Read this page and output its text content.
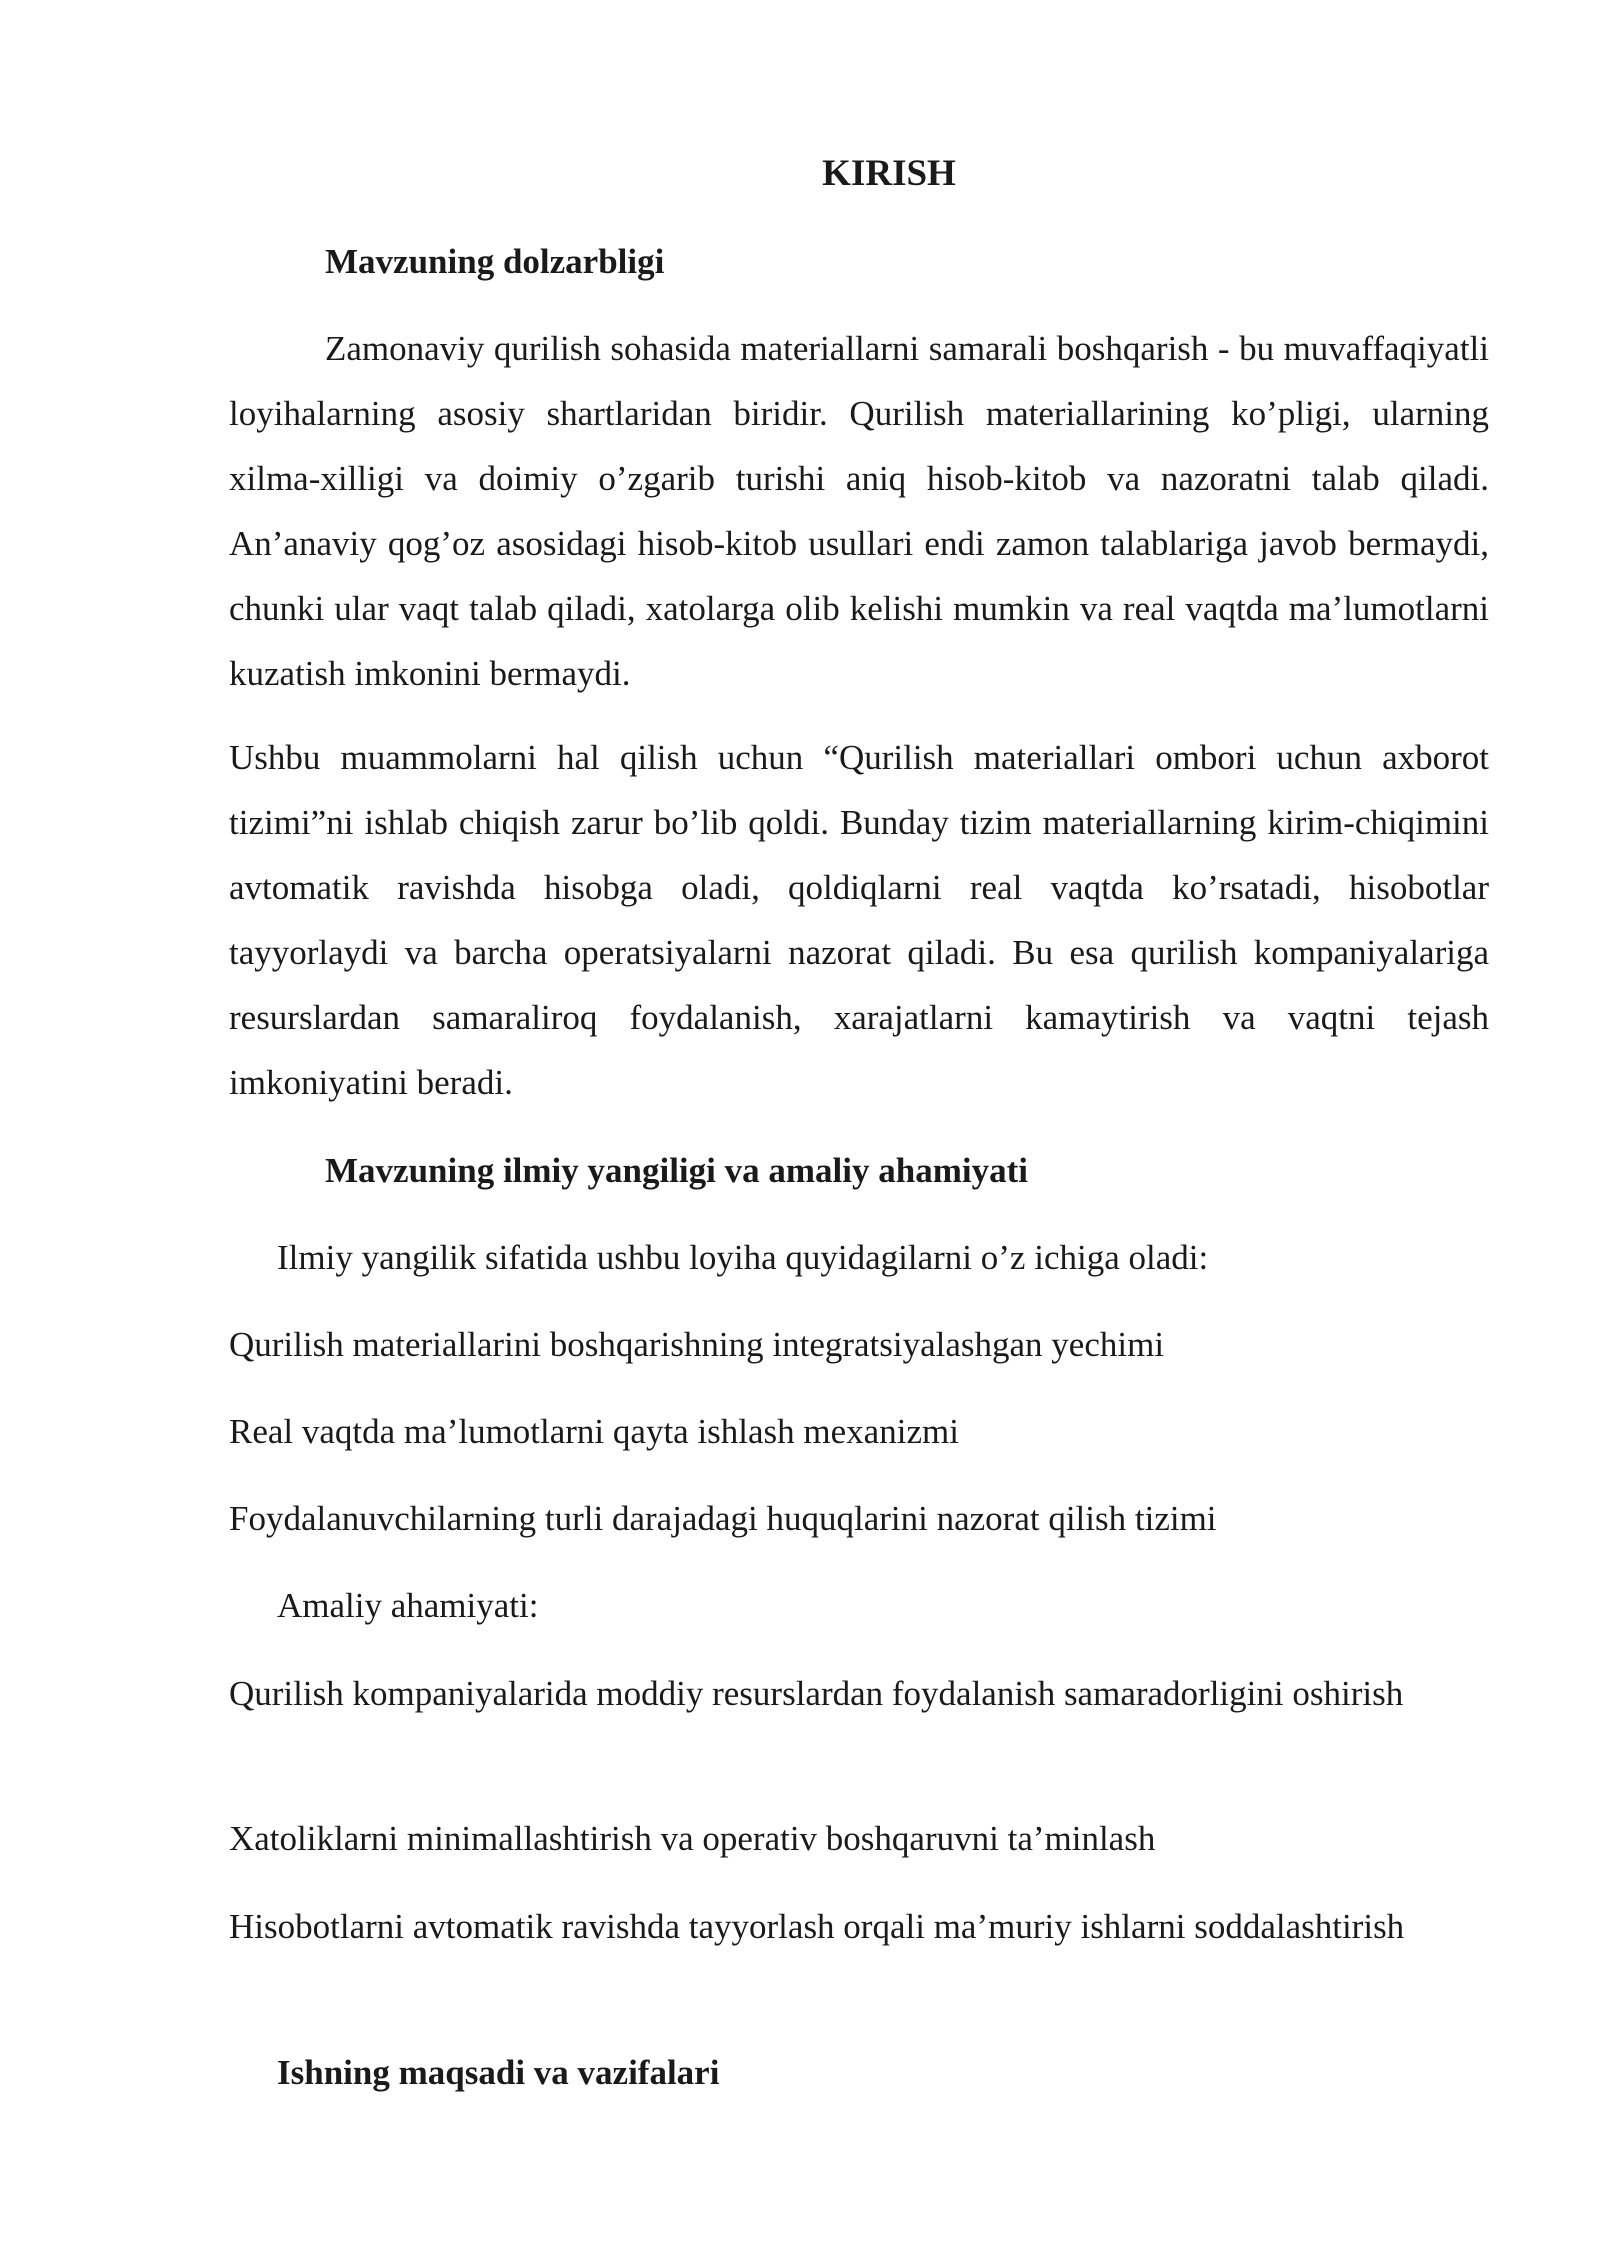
KIRISH
Mavzuning dolzarbligi

Zamonaviy qurilish sohasida materiallarni samarali boshqarish - bu muvaffaqiyatli loyihalarning asosiy shartlaridan biridir. Qurilish materiallarining ko’pligi, ularning xilma-xilligi va doimiy o’zgarib turishi aniq hisob-kitob va nazoratni talab qiladi. An’anaviy qog’oz asosidagi hisob-kitob usullari endi zamon talablariga javob bermaydi, chunki ular vaqt talab qiladi, xatolarga olib kelishi mumkin va real vaqtda ma’lumotlarni kuzatish imkonini bermaydi.

Ushbu muammolarni hal qilish uchun “Qurilish materiallari ombori uchun axborot tizimi”ni ishlab chiqish zarur bo’lib qoldi. Bunday tizim materiallarning kirim-chiqimini avtomatik ravishda hisobga oladi, qoldiqlarni real vaqtda ko’rsatadi, hisobotlar tayyorlaydi va barcha operatsiyalarni nazorat qiladi. Bu esa qurilish kompaniyalariga resurslardan samaraliroq foydalanish, xarajatlarni kamaytirish va vaqtni tejash imkoniyatini beradi.

Mavzuning ilmiy yangiligi va amaliy ahamiyati

Ilmiy yangilik sifatida ushbu loyiha quyidagilarni o’z ichiga oladi:

Qurilish materiallarini boshqarishning integratsiyalashgan yechimi

Real vaqtda ma’lumotlarni qayta ishlash mexanizmi

Foydalanuvchilarning turli darajadagi huquqlarini nazorat qilish tizimi

Amaliy ahamiyati:

Qurilish kompaniyalarida moddiy resurslardan foydalanish samaradorligini oshirish

Xatoliklarni minimallashtirish va operativ boshqaruvni ta’minlash

Hisobotlarni avtomatik ravishda tayyorlash orqali ma’muriy ishlarni soddalashtirish

Ishning maqsadi va vazifalari
